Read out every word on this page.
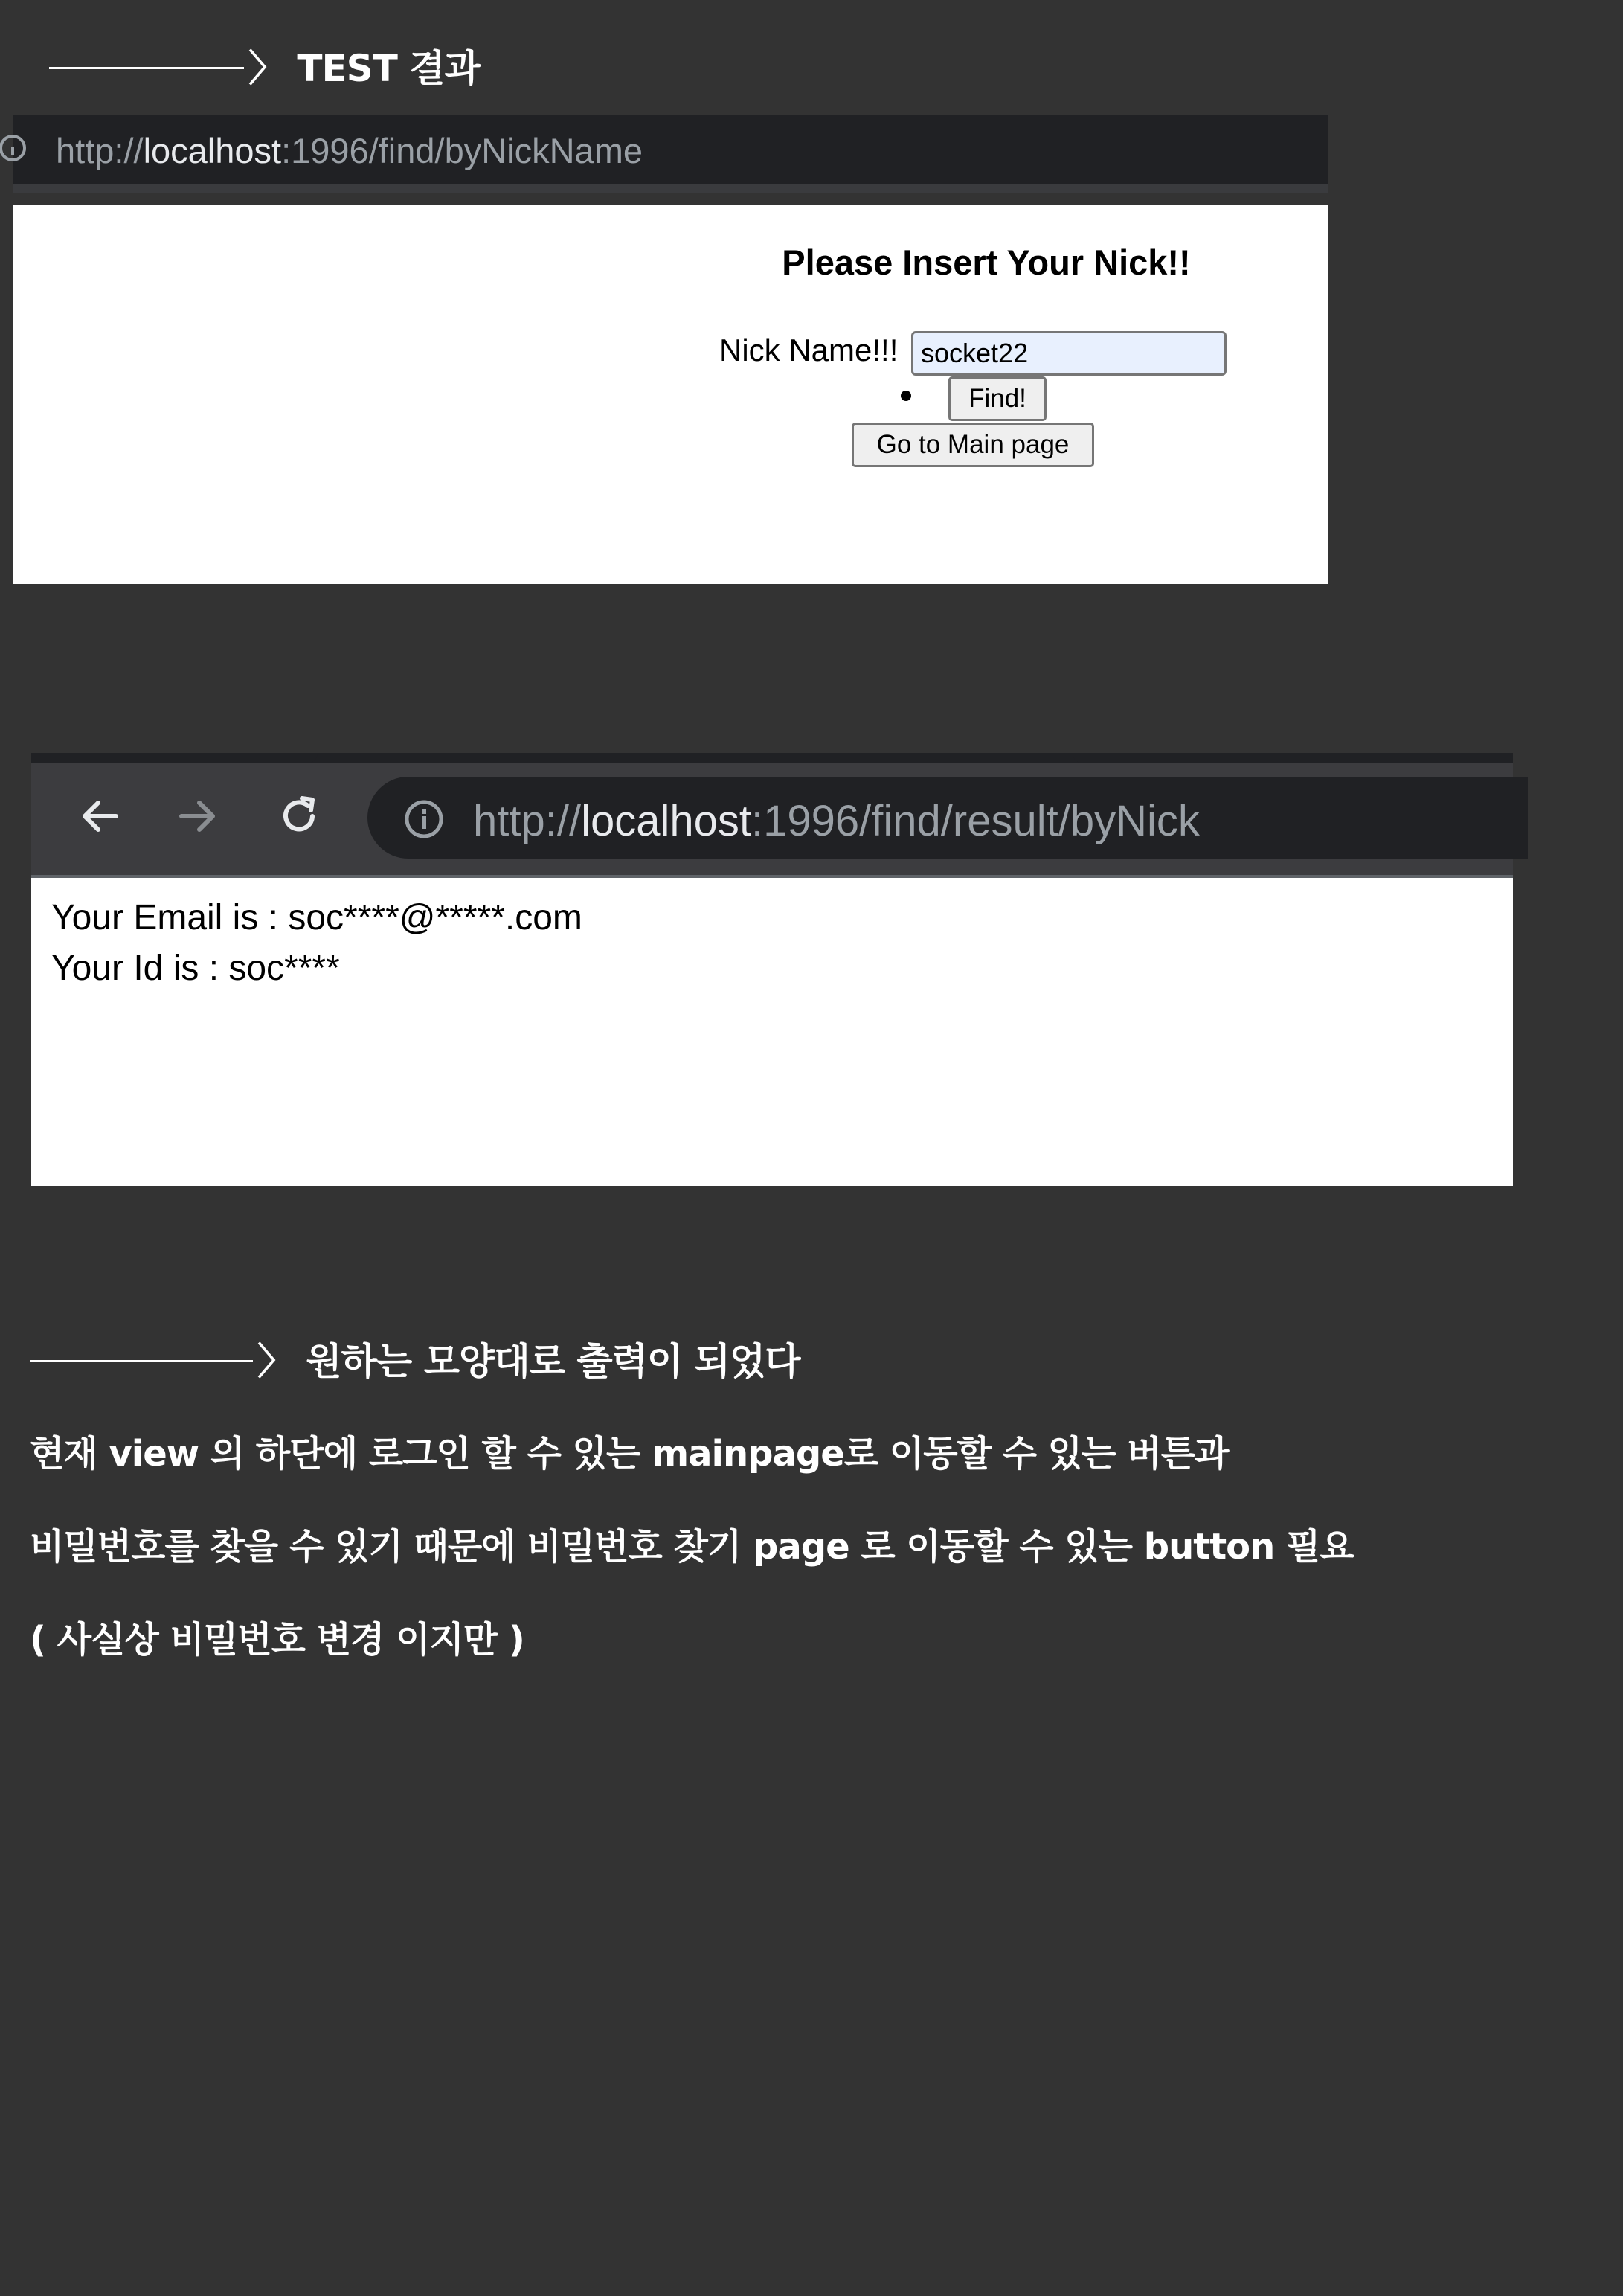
〉 TEST 결과
http://localhost:1996/find/byNickName
Please Insert Your Nick!!
Nick Name!!!
socket22
Find!
Go to Main page
http://localhost:1996/find/result/byNick
Your Email is : soc****@*****.com
Your Id is : soc****
〉 원하는 모양대로 출력이 되었다
현재 view 의 하단에 로그인 할 수 있는 mainpage로 이동할 수 있는 버튼과
비밀번호를 찾을 수 있기 때문에 비밀번호 찾기 page 로 이동할 수 있는 button 필요
( 사실상 비밀번호 변경 이지만 )
